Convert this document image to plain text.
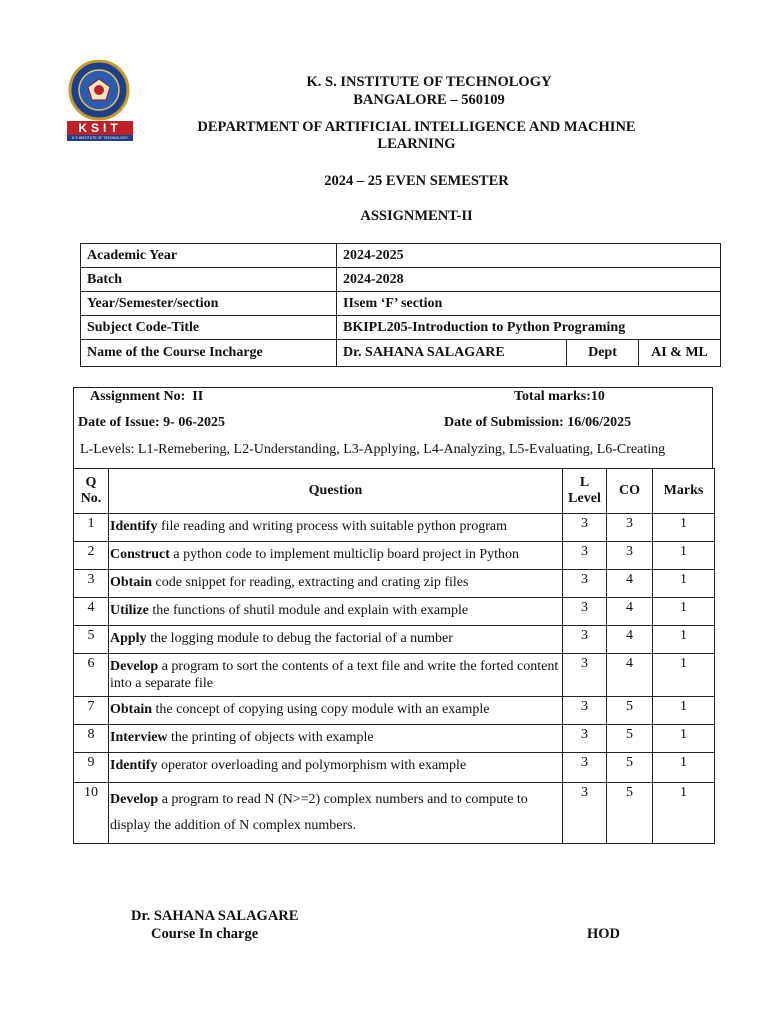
KSIT
K S INSTITUTE OF TECHNOLOGY
K. S. INSTITUTE OF TECHNOLOGY
BANGALORE – 560109
DEPARTMENT OF ARTIFICIAL INTELLIGENCE AND MACHINE LEARNING
2024 – 25 EVEN SEMESTER
ASSIGNMENT-II
Academic Year	2024-2025		
Batch	2024-2028		
Year/Semester/section	IIsem ‘F’ section		
Subject Code-Title	BKIPL205-Introduction to Python Programing		
Name of the Course Incharge	Dr. SAHANA SALAGARE	Dept	AI & ML
Assignment No: II	Total marks:10
Date of Issue: 9- 06-2025	Date of Submission: 16/06/2025
L-Levels: L1-Remebering, L2-Understanding, L3-Applying, L4-Analyzing, L5-Evaluating, L6-Creating
Q No.	Question	L Level	CO	Marks
1	Identify file reading and writing process with suitable python program	3	3	1
2	Construct a python code to implement multiclip board project in Python	3	3	1
3	Obtain code snippet for reading, extracting and crating zip files	3	4	1
4	Utilize the functions of shutil module and explain with example	3	4	1
5	Apply the logging module to debug the factorial of a number	3	4	1
6	Develop a program to sort the contents of a text file and write the forted content into a separate file	3	4	1
7	Obtain the concept of copying using copy module with an example	3	5	1
8	Interview the printing of objects with example	3	5	1
9	Identify operator overloading and polymorphism with example	3	5	1
10	Develop a program to read N (N>=2) complex numbers and to compute to display the addition of N complex numbers.	3	5	1
Dr. SAHANA SALAGARE
Course In charge	HOD
